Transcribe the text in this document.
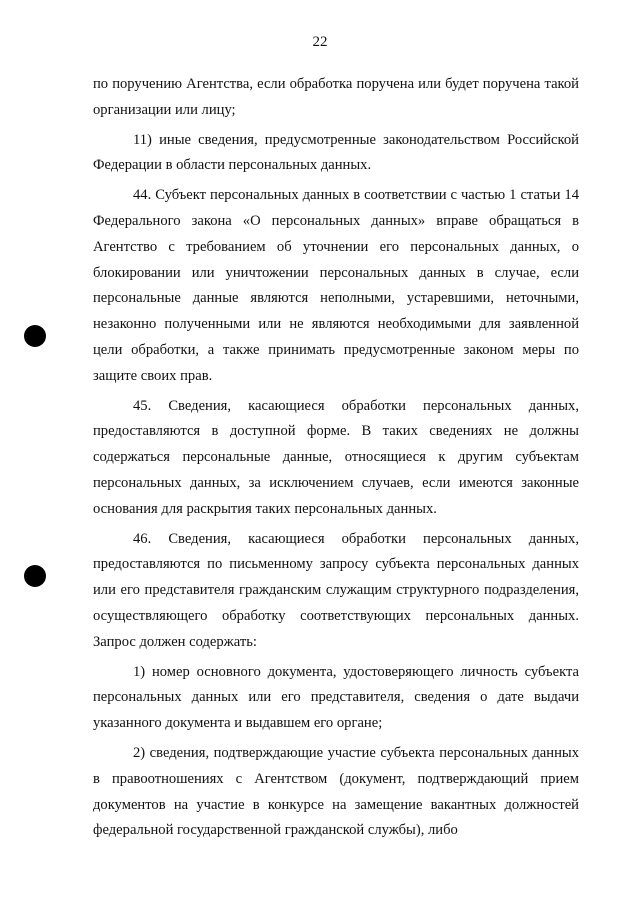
22

по поручению Агентства, если обработка поручена или будет поручена такой организации или лицу;

11) иные сведения, предусмотренные законодательством Российской Федерации в области персональных данных.

44. Субъект персональных данных в соответствии с частью 1 статьи 14 Федерального закона «О персональных данных» вправе обращаться в Агентство с требованием об уточнении его персональных данных, о блокировании или уничтожении персональных данных в случае, если персональные данные являются неполными, устаревшими, неточными, незаконно полученными или не являются необходимыми для заявленной цели обработки, а также принимать предусмотренные законом меры по защите своих прав.

45. Сведения, касающиеся обработки персональных данных, предоставляются в доступной форме. В таких сведениях не должны содержаться персональные данные, относящиеся к другим субъектам персональных данных, за исключением случаев, если имеются законные основания для раскрытия таких персональных данных.

46. Сведения, касающиеся обработки персональных данных, предоставляются по письменному запросу субъекта персональных данных или его представителя гражданским служащим структурного подразделения, осуществляющего обработку соответствующих персональных данных. Запрос должен содержать:

1) номер основного документа, удостоверяющего личность субъекта персональных данных или его представителя, сведения о дате выдачи указанного документа и выдавшем его органе;

2) сведения, подтверждающие участие субъекта персональных данных в правоотношениях с Агентством (документ, подтверждающий прием документов на участие в конкурсе на замещение вакантных должностей федеральной государственной гражданской службы), либо
